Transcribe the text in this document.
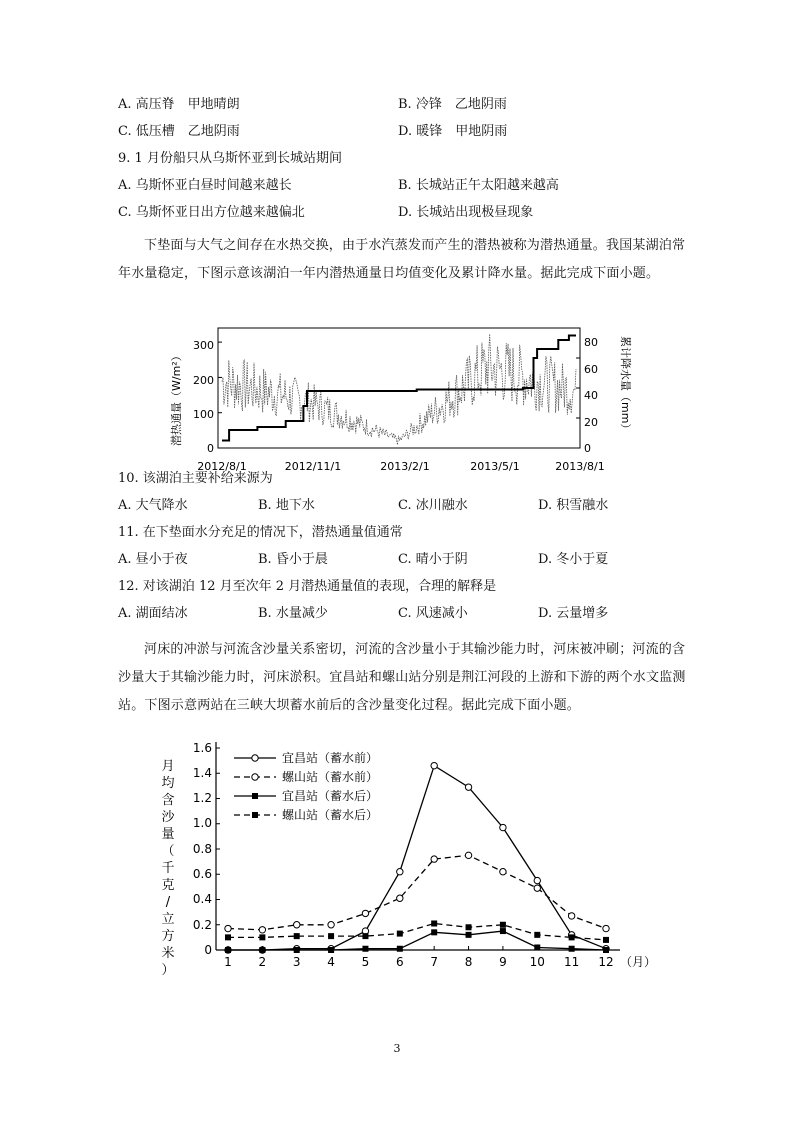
A. 高压脊　甲地晴朗	B. 冷锋　乙地阴雨
C. 低压槽　乙地阴雨	D. 暖锋　甲地阴雨
9. 1 月份船只从乌斯怀亚到长城站期间
A. 乌斯怀亚白昼时间越来越长	B. 长城站正午太阳越来越高
C. 乌斯怀亚日出方位越来越偏北	D. 长城站出现极昼现象
下垫面与大气之间存在水热交换，由于水汽蒸发而产生的潜热被称为潜热通量。我国某湖泊常年水量稳定，下图示意该湖泊一年内潜热通量日均值变化及累计降水量。据此完成下面小题。
潜热通量（W/m²）	累计降水量（mm）
0
100
200
300
0
20
40
60
80
2012/8/1	2012/11/1	2013/2/1	2013/5/1	2013/8/1
10. 该湖泊主要补给来源为
A. 大气降水	B. 地下水	C. 冰川融水	D. 积雪融水
11. 在下垫面水分充足的情况下，潜热通量值通常
A. 昼小于夜	B. 昏小于晨	C. 晴小于阴	D. 冬小于夏
12. 对该湖泊 12 月至次年 2 月潜热通量值的表现，合理的解释是
A. 湖面结冰	B. 水量减少	C. 风速减小	D. 云量增多
河床的冲淤与河流含沙量关系密切，河流的含沙量小于其输沙能力时，河床被冲刷；河流的含沙量大于其输沙能力时，河床淤积。宜昌站和螺山站分别是荆江河段的上游和下游的两个水文监测站。下图示意两站在三峡大坝蓄水前后的含沙量变化过程。据此完成下面小题。
月
均
含
沙
量
（
千
克
/
立
方
米
）
宜昌站（蓄水前）
螺山站（蓄水前）
宜昌站（蓄水后）
螺山站（蓄水后）
0
0.2
0.4
0.6
0.8
1.0
1.2
1.4
1.6
1 2 3 4 5 6 7 8 9 10 11 12 （月）
3
